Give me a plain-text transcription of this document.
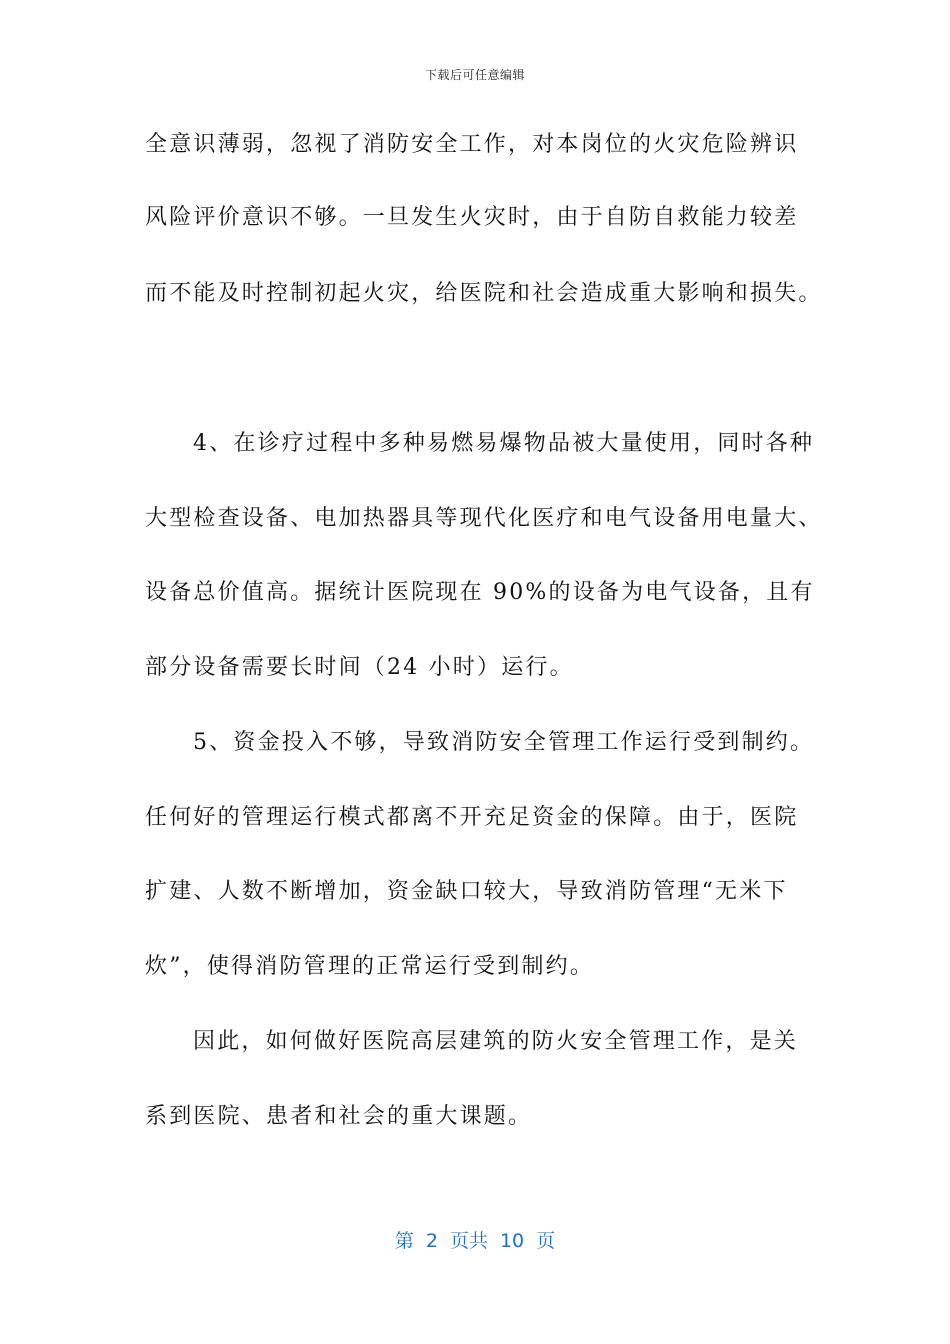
下载后可任意编辑
全意识薄弱，忽视了消防安全工作，对本岗位的火灾危险辨识
风险评价意识不够。一旦发生火灾时，由于自防自救能力较差
而不能及时控制初起火灾，给医院和社会造成重大影响和损失。
4、在诊疗过程中多种易燃易爆物品被大量使用，同时各种
大型检查设备、电加热器具等现代化医疗和电气设备用电量大、
设备总价值高。据统计医院现在 90%的设备为电气设备，且有
部分设备需要长时间（24 小时）运行。
5、资金投入不够，导致消防安全管理工作运行受到制约。
任何好的管理运行模式都离不开充足资金的保障。由于，医院
扩建、人数不断增加，资金缺口较大，导致消防管理“无米下
炊”，使得消防管理的正常运行受到制约。
因此，如何做好医院高层建筑的防火安全管理工作，是关
系到医院、患者和社会的重大课题。
第 2 页共 10 页
